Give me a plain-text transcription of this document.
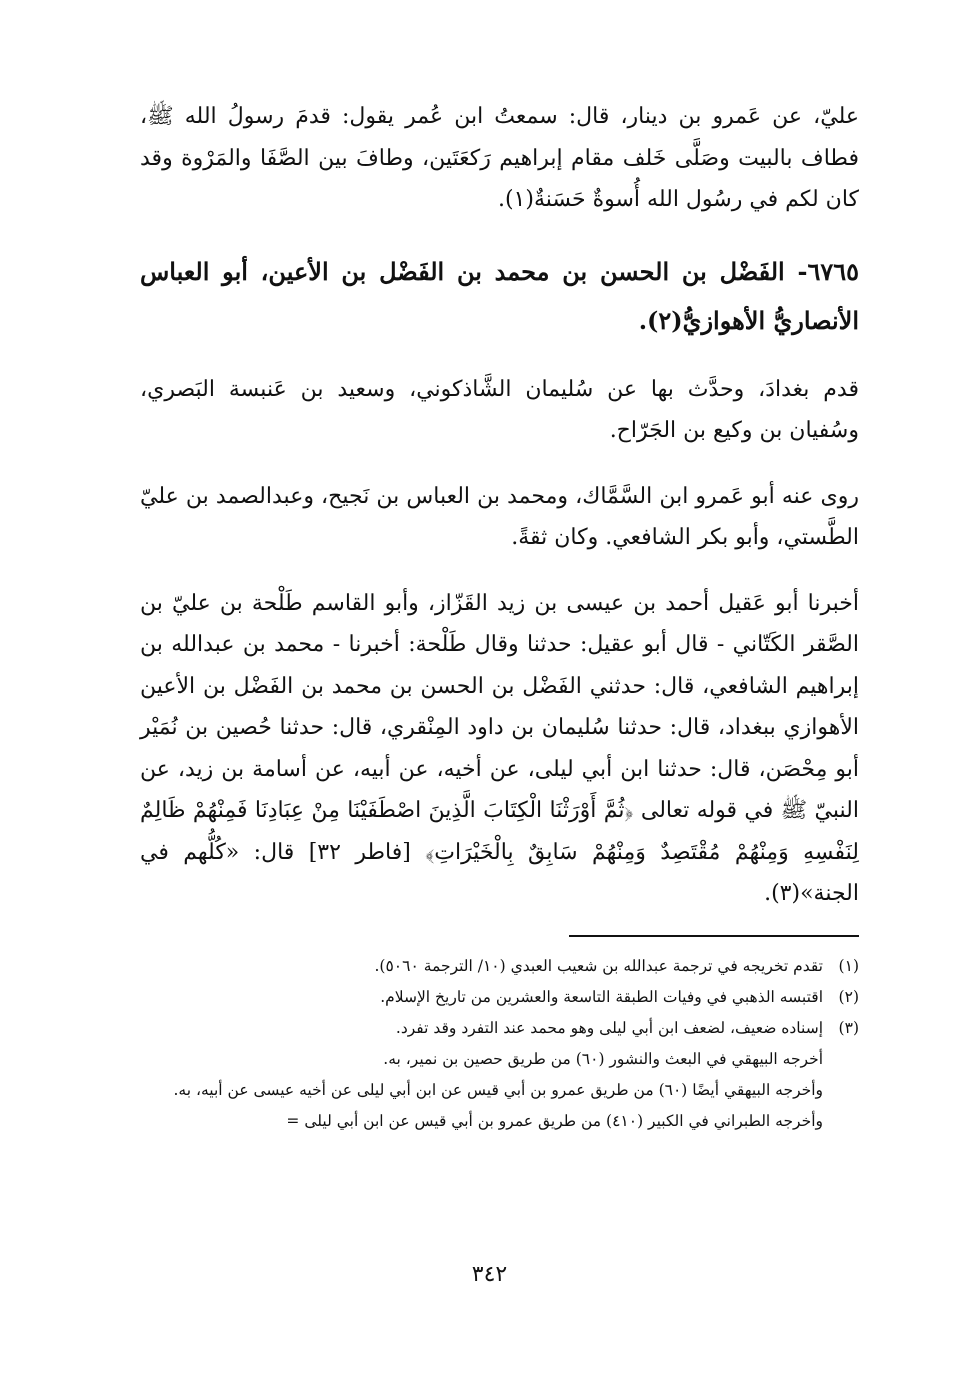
عليّ، عن عَمرو بن دينار، قال: سمعتُ ابن عُمر يقول: قدمَ رسولُ الله ﷺ، فطاف بالبيت وصَلَّى خَلف مقام إبراهيم رَكعَتَين، وطافَ بين الصَّفَا والمَرْوة وقد كان لكم في رسُول الله أُسوةٌ حَسَنةٌ(١).

٦٧٦٥- الفَضْل بن الحسن بن محمد بن الفَضْل بن الأعين، أبو العباس الأنصاريُّ الأهوازيُّ(٢).

قدم بغدادَ، وحدَّث بها عن سُليمان الشَّاذكوني، وسعيد بن عَنبسة البَصري، وسُفيان بن وكيع بن الجَرّاح.

روى عنه أبو عَمرو ابن السَّمَّاك، ومحمد بن العباس بن نَجيح، وعبدالصمد بن عليّ الطَّستي، وأبو بكر الشافعي. وكان ثقةً.

أخبرنا أبو عَقيل أحمد بن عيسى بن زيد القَزّاز، وأبو القاسم طَلْحة بن عليّ بن الصَّقر الكَتّاني - قال أبو عقيل: حدثنا وقال طَلْحة: أخبرنا - محمد بن عبدالله بن إبراهيم الشافعي، قال: حدثني الفَضْل بن الحسن بن محمد بن الفَضْل بن الأعين الأهوازي ببغداد، قال: حدثنا سُليمان بن داود المِنْقري، قال: حدثنا حُصين بن نُمَيْر أبو مِحْصَن، قال: حدثنا ابن أبي ليلى، عن أخيه، عن أبيه، عن أسامة بن زيد، عن النبيّ ﷺ في قوله تعالى ﴿ثُمَّ أَوْرَثْنَا الْكِتَابَ الَّذِينَ اصْطَفَيْنَا مِنْ عِبَادِنَا فَمِنْهُمْ ظَالِمٌ لِنَفْسِهِ وَمِنْهُمْ مُقْتَصِدٌ وَمِنْهُمْ سَابِقٌ بِالْخَيْرَاتِ﴾ [فاطر ٣٢] قال: «كُلُّهم في الجنة»(٣).

(١)
تقدم تخريجه في ترجمة عبدالله بن شعيب العبدي (١٠/ الترجمة ٥٠٦٠).
(٢)
اقتبسه الذهبي في وفيات الطبقة التاسعة والعشرين من تاريخ الإسلام.
(٣)
إسناده ضعيف، لضعف ابن أبي ليلى وهو محمد عند التفرد وقد تفرد.
أخرجه البيهقي في البعث والنشور (٦٠) من طريق حصين بن نمير، به.
وأخرجه البيهقي أيضًا (٦٠) من طريق عمرو بن أبي قيس عن ابن أبي ليلى عن أخيه عيسى عن أبيه، به.
وأخرجه الطبراني في الكبير (٤١٠) من طريق عمرو بن أبي قيس عن ابن أبي ليلى =
٣٤٢
